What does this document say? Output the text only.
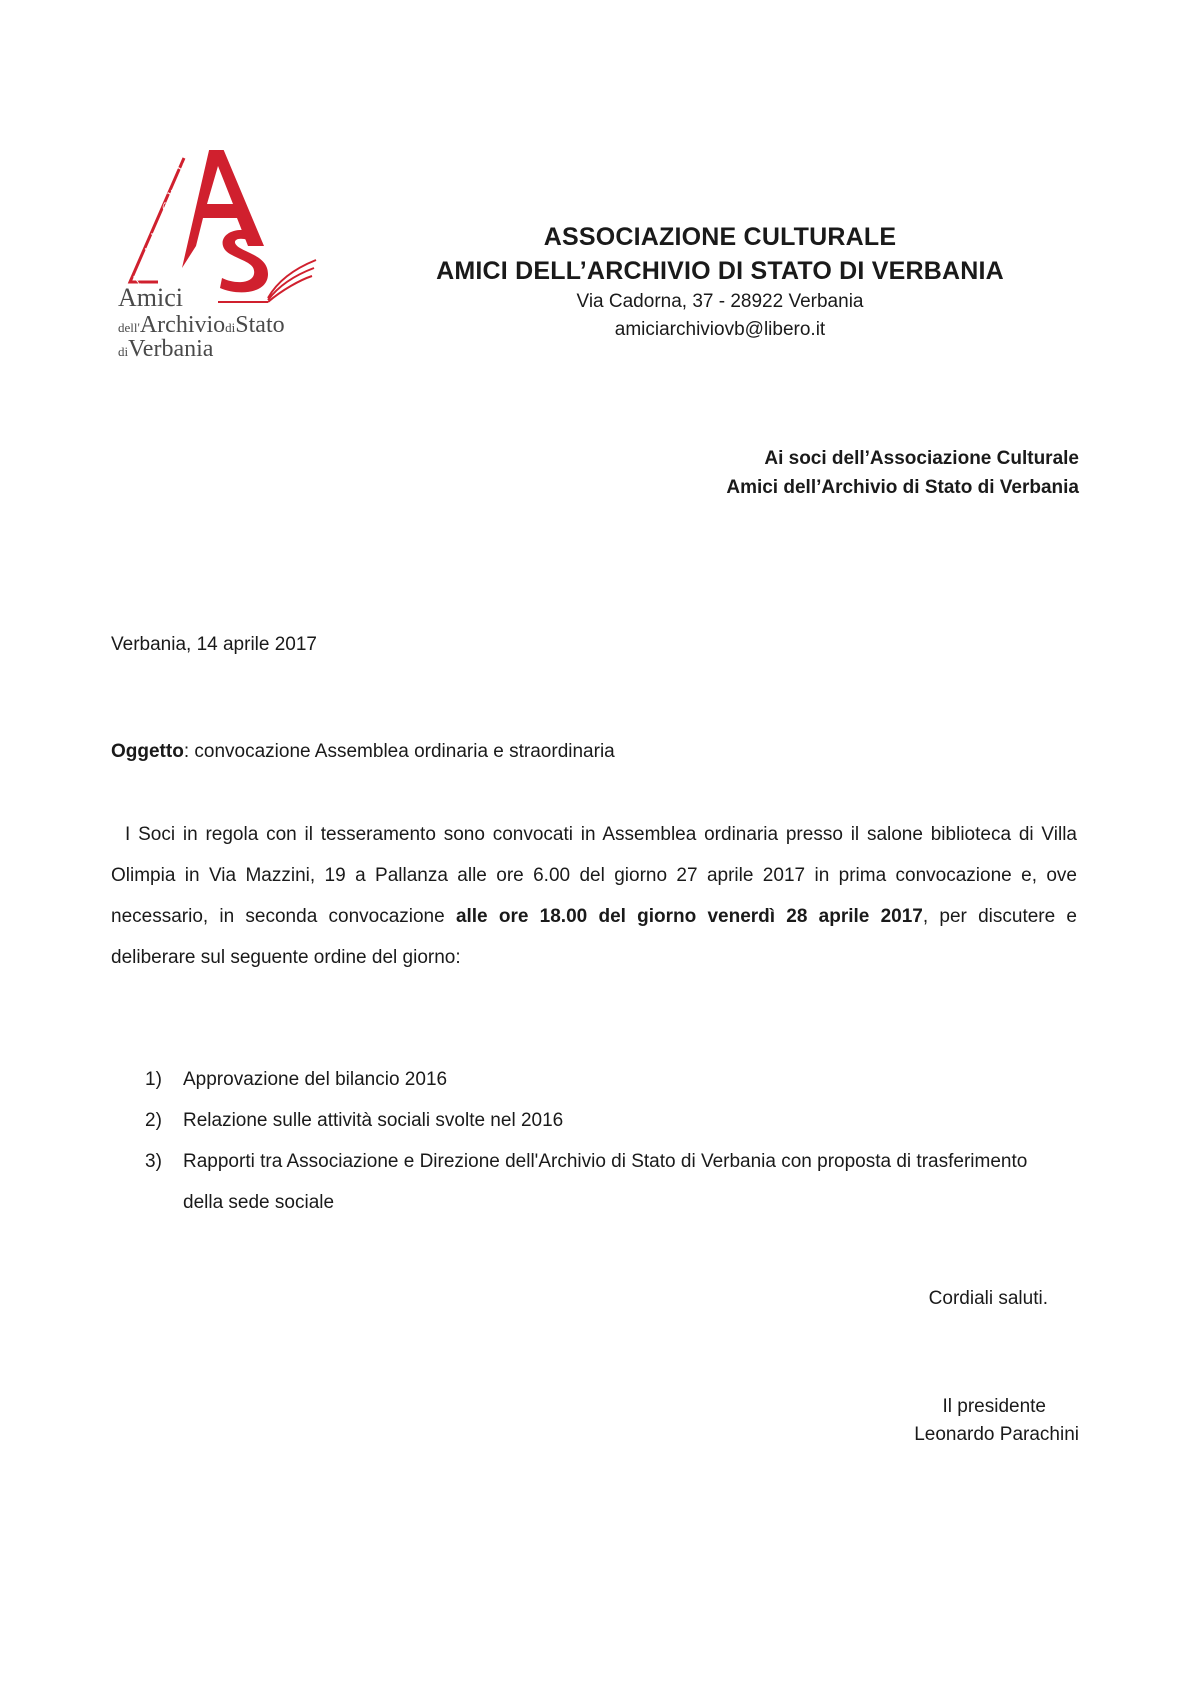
Associazione Culturale
Amici
dell'ArchiviodiStato
diVerbania
ASSOCIAZIONE CULTURALE
AMICI DELL’ARCHIVIO DI STATO DI VERBANIA
Via Cadorna, 37 - 28922 Verbania
amiciarchiviovb@libero.it
Ai soci dell’Associazione Culturale
Amici dell’Archivio di Stato di Verbania
Verbania, 14 aprile 2017
Oggetto: convocazione Assemblea ordinaria e straordinaria
I Soci in regola con il tesseramento sono convocati in Assemblea ordinaria presso il salone biblioteca di Villa Olimpia in Via Mazzini, 19 a Pallanza alle ore 6.00 del giorno 27 aprile 2017 in prima convocazione e, ove necessario, in seconda convocazione alle ore 18.00 del giorno venerdì 28 aprile 2017, per discutere e deliberare sul seguente ordine del giorno:
1) Approvazione del bilancio 2016
2) Relazione sulle attività sociali svolte nel 2016
3) Rapporti tra Associazione e Direzione dell'Archivio di Stato di Verbania con proposta di trasferimento della sede sociale
Cordiali saluti.
Il presidente
Leonardo Parachini
